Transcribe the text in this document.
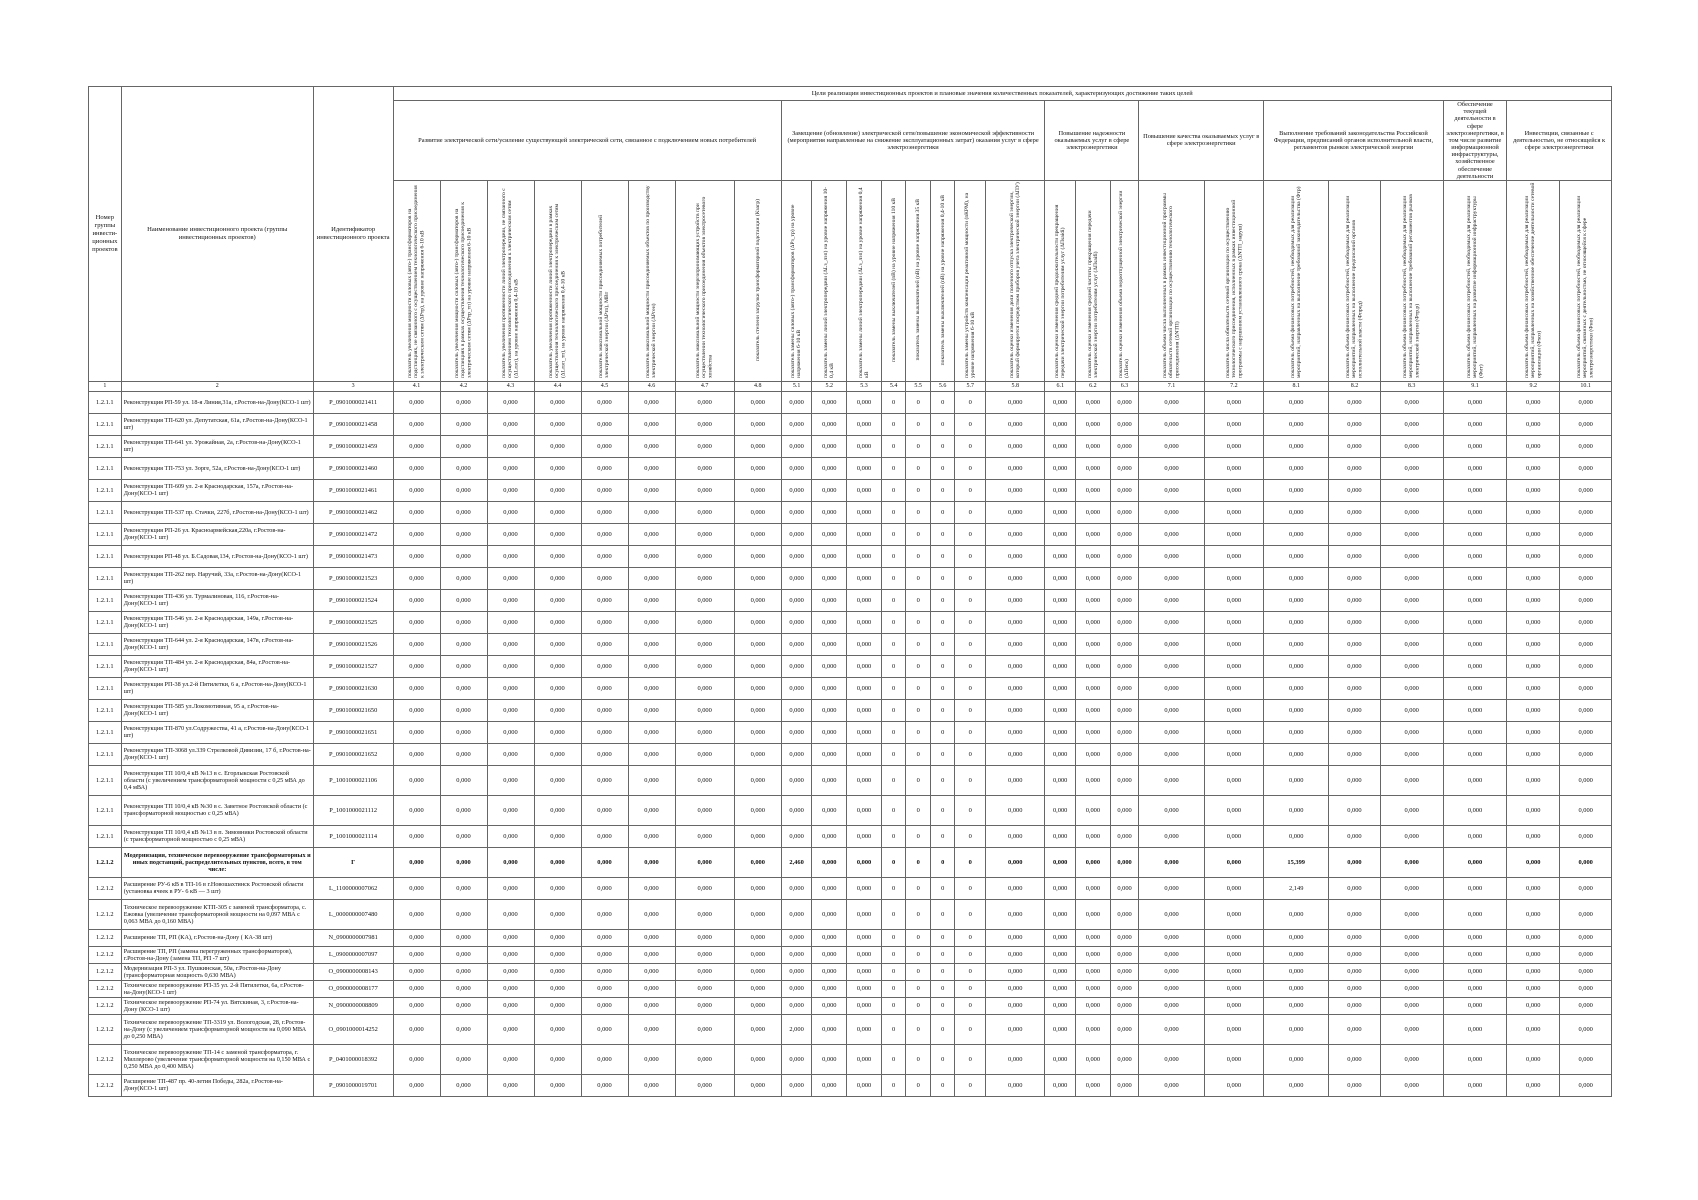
Номер группы инвести-ционных проектов	Наименование инвестиционного проекта (группы инвестиционных проектов)	Идентификатор инвестиционного проекта	Цели реализации инвестиционных проектов и плановые значения количественных показателей, характеризующих достижение таких целей																										
			Развитие электрической сети/усиление существующей электрической сети, связанное с подключением новых потребителей								Замещение (обновление) электрической сети/повышение экономической эффективности (мероприятия направленные на снижение эксплуатационных затрат) оказания услуг в сфере электроэнергетики								Повышение надежности оказываемых услуг в сфере электроэнергетики			Повышение качества оказываемых услуг в сфере электроэнергетики		Выполнение требований законодательства Российской Федерации, предписаний органов исполнительной власти, регламентов рынков электрической энергии			Обеспечение текущей деятельности в сфере электроэнергетики, в том числе развитие информационной инфраструктуры, хозяйственное обеспечение деятельности	Инвестиции, связанные с деятельностью, не относящейся к сфере электроэнергетики	
			показатель увеличения мощности силовых (авто-) трансформаторов на подстанциях, не связанного с осуществлением технологического присоединения к электрическим сетям (ΔPтр), на уровне напряжения 6-10 кВ	показатель увеличения мощности силовых (авто-) трансформаторов на подстанциях в рамках осуществления технологического присоединения к электрическим сетям (ΔPтр_тп) на уровне напряжения 6-10 кВ	показатель увеличения протяженности линий электропередачи, не связанного с осуществлением технологического присоединения к электрическим сетям (ΔLлэп), на уровне напряжения 0,4-10 кВ	показатель увеличения протяженности линий электропередачи в рамках осуществления технологического присоединения к электрическим сетям (ΔLлэп_тп), на уровне напряжения 0,4-10 кВ	показатель максимальной мощности присоединяемых потребителей электрической энергии (ΔPтп), МВт	показатель максимальной мощности присоединяемых объектов по производству электрической энергии (ΔPген)	показатель максимальной мощности энергопринимающих устройств при осуществлении технологического присоединения объектов электросетевого хозяйства	показатель степени загрузки трансформаторной подстанции (Кзагр)	показатель замены силовых (авто-) трансформаторов (ΔPз_тр) на уровне напряжения 6-10 кВ	показатель замены линий электропередачи (ΔLз_лэп) на уровне напряжения 10-0,4 кВ	показатель замены линий электропередачи (ΔLз_лэп) на уровне напряжения 0,4 кВ	показатель замены выключателей (nВ) на уровне напряжения 110 кВ	показатель замены выключателей (nВ) на уровне напряжения 35 кВ	показатель замены выключателей (nВ) на уровне напряжения 0,4-10 кВ	показатель замены устройств компенсации реактивной мощности (nКРМ), на уровне напряжения 6-10 кВ	показатель оценки изменения доли полезного отпуска электрической энергии, который формируется посредством приборов учета электрической энергии (ΔПУ)	показатель оценки изменения средней продолжительности прекращения передачи электрической энергии потребителям услуг (ΔПsaidi)	показатель оценки изменения средней частоты прекращения передачи электрической энергии потребителям услуг (ΔПsaifi)	показатель оценки изменения объема недоотпущенной электрической энергии (ΔПens)	показатель объема числа выполненных в рамках инвестиционной программы обязательств сетевой организации по осуществлению технологического присоединения (ΔNТП)	показатель числа обязательств сетевой организации по осуществлению технологического присоединения, исполненных в рамках инвестиционной программы с нарушением установленного срока (ΔNТП_наруш)	показатель объема финансовых потребностей, необходимых для реализации мероприятий, направленных на выполнение требований законодательства (Фтр)	показатель объема финансовых потребностей, необходимых для реализации мероприятий, направленных на выполнение предписаний органов исполнительной власти (Фпред)	показатель объема финансовых потребностей, необходимых для реализации мероприятий, направленных на выполнение требований регламентов рынков электрической энергии (Фтр.р)	показатель объема финансовых потребностей, необходимых для реализации мероприятий, направленных на развитие информационной инфраструктуры (Фит)	показатель объема финансовых потребностей, необходимых для реализации мероприятий, направленных на хозяйственное обеспечение деятельности сетевой организации (Фхоз)	показатель объема финансовых потребностей, необходимых для реализации мероприятий, связанных с деятельностью, не относящейся к сфере электроэнергетики (Фно)
1	2	3	4.1	4.2	4.3	4.4	4.5	4.6	4.7	4.8	5.1	5.2	5.3	5.4	5.5	5.6	5.7	5.8	6.1	6.2	6.3	7.1	7.2	8.1	8.2	8.3	9.1	9.2	10.1
1.2.1.1	Реконструкция РП-59 ул. 18-я Линия,31а, г.Ростов-на-Дону(КСО-1 шт)	P_0901000021411	0,000	0,000	0,000	0,000	0,000	0,000	0,000	0,000	0,000	0,000	0,000	0	0	0	0	0,000	0,000	0,000	0,000	0,000	0,000	0,000	0,000	0,000	0,000	0,000	0,000
1.2.1.1	Реконструкция ТП-620 ул. Депутатская, 61а, г.Ростов-на-Дону(КСО-1 шт)	P_0901000021458	0,000	0,000	0,000	0,000	0,000	0,000	0,000	0,000	0,000	0,000	0,000	0	0	0	0	0,000	0,000	0,000	0,000	0,000	0,000	0,000	0,000	0,000	0,000	0,000	0,000
1.2.1.1	Реконструкция ТП-641 ул. Урожайная, 2а, г.Ростов-на-Дону(КСО-1 шт)	P_0901000021459	0,000	0,000	0,000	0,000	0,000	0,000	0,000	0,000	0,000	0,000	0,000	0	0	0	0	0,000	0,000	0,000	0,000	0,000	0,000	0,000	0,000	0,000	0,000	0,000	0,000
1.2.1.1	Реконструкция ТП-753 ул. Зорге, 52а, г.Ростов-на-Дону(КСО-1 шт)	P_0901000021460	0,000	0,000	0,000	0,000	0,000	0,000	0,000	0,000	0,000	0,000	0,000	0	0	0	0	0,000	0,000	0,000	0,000	0,000	0,000	0,000	0,000	0,000	0,000	0,000	0,000
1.2.1.1	Реконструкция ТП-609 ул. 2-я Краснодарская, 157а, г.Ростов-на-Дону(КСО-1 шт)	P_0901000021461	0,000	0,000	0,000	0,000	0,000	0,000	0,000	0,000	0,000	0,000	0,000	0	0	0	0	0,000	0,000	0,000	0,000	0,000	0,000	0,000	0,000	0,000	0,000	0,000	0,000
1.2.1.1	Реконструкция ТП-537 пр. Стачки, 227б, г.Ростов-на-Дону(КСО-1 шт)	P_0901000021462	0,000	0,000	0,000	0,000	0,000	0,000	0,000	0,000	0,000	0,000	0,000	0	0	0	0	0,000	0,000	0,000	0,000	0,000	0,000	0,000	0,000	0,000	0,000	0,000	0,000
1.2.1.1	Реконструкция РП-26 ул. Красноармейская,220а, г.Ростов-на-Дону(КСО-1 шт)	P_0901000021472	0,000	0,000	0,000	0,000	0,000	0,000	0,000	0,000	0,000	0,000	0,000	0	0	0	0	0,000	0,000	0,000	0,000	0,000	0,000	0,000	0,000	0,000	0,000	0,000	0,000
1.2.1.1	Реконструкция РП-48 ул. Б.Садовая,134, г.Ростов-на-Дону(КСО-1 шт)	P_0901000021473	0,000	0,000	0,000	0,000	0,000	0,000	0,000	0,000	0,000	0,000	0,000	0	0	0	0	0,000	0,000	0,000	0,000	0,000	0,000	0,000	0,000	0,000	0,000	0,000	0,000
1.2.1.1	Реконструкция ТП-262 пер. Наручий, 33а, г.Ростов-на-Дону(КСО-1 шт)	P_0901000021523	0,000	0,000	0,000	0,000	0,000	0,000	0,000	0,000	0,000	0,000	0,000	0	0	0	0	0,000	0,000	0,000	0,000	0,000	0,000	0,000	0,000	0,000	0,000	0,000	0,000
1.2.1.1	Реконструкция ТП-436 ул. Турмалиновая, 116, г.Ростов-на-Дону(КСО-1 шт)	P_0901000021524	0,000	0,000	0,000	0,000	0,000	0,000	0,000	0,000	0,000	0,000	0,000	0	0	0	0	0,000	0,000	0,000	0,000	0,000	0,000	0,000	0,000	0,000	0,000	0,000	0,000
1.2.1.1	Реконструкция ТП-546 ул. 2-я Краснодарская, 149а, г.Ростов-на-Дону(КСО-1 шт)	P_0901000021525	0,000	0,000	0,000	0,000	0,000	0,000	0,000	0,000	0,000	0,000	0,000	0	0	0	0	0,000	0,000	0,000	0,000	0,000	0,000	0,000	0,000	0,000	0,000	0,000	0,000
1.2.1.1	Реконструкция ТП-644 ул. 2-я Краснодарская, 147в, г.Ростов-на-Дону(КСО-1 шт)	P_0901000021526	0,000	0,000	0,000	0,000	0,000	0,000	0,000	0,000	0,000	0,000	0,000	0	0	0	0	0,000	0,000	0,000	0,000	0,000	0,000	0,000	0,000	0,000	0,000	0,000	0,000
1.2.1.1	Реконструкция ТП-484 ул. 2-я Краснодарская, 84а, г.Ростов-на-Дону(КСО-1 шт)	P_0901000021527	0,000	0,000	0,000	0,000	0,000	0,000	0,000	0,000	0,000	0,000	0,000	0	0	0	0	0,000	0,000	0,000	0,000	0,000	0,000	0,000	0,000	0,000	0,000	0,000	0,000
1.2.1.1	Реконструкция РП-38 ул.2-й Пятилетки, 6 а, г.Ростов-на-Дону(КСО-1 шт)	P_0901000021630	0,000	0,000	0,000	0,000	0,000	0,000	0,000	0,000	0,000	0,000	0,000	0	0	0	0	0,000	0,000	0,000	0,000	0,000	0,000	0,000	0,000	0,000	0,000	0,000	0,000
1.2.1.1	Реконструкция ТП-585 ул.Локомотивная, 95 а, г.Ростов-на-Дону(КСО-1 шт)	P_0901000021650	0,000	0,000	0,000	0,000	0,000	0,000	0,000	0,000	0,000	0,000	0,000	0	0	0	0	0,000	0,000	0,000	0,000	0,000	0,000	0,000	0,000	0,000	0,000	0,000	0,000
1.2.1.1	Реконструкция ТП-870 ул.Содружества, 41 а, г.Ростов-на-Дону(КСО-1 шт)	P_0901000021651	0,000	0,000	0,000	0,000	0,000	0,000	0,000	0,000	0,000	0,000	0,000	0	0	0	0	0,000	0,000	0,000	0,000	0,000	0,000	0,000	0,000	0,000	0,000	0,000	0,000
1.2.1.1	Реконструкция ТП-3068 ул.339 Стрелковой Дивизии, 17 б, г.Ростов-на-Дону(КСО-1 шт)	P_0901000021652	0,000	0,000	0,000	0,000	0,000	0,000	0,000	0,000	0,000	0,000	0,000	0	0	0	0	0,000	0,000	0,000	0,000	0,000	0,000	0,000	0,000	0,000	0,000	0,000	0,000
1.2.1.1	Реконструкция ТП 10/0,4 кВ №13 в с. Егорлыкская Ростовской области (с увеличением трансформаторной мощности с 0,25 мВА до 0,4 мВА)	P_1001000021106	0,000	0,000	0,000	0,000	0,000	0,000	0,000	0,000	0,000	0,000	0,000	0	0	0	0	0,000	0,000	0,000	0,000	0,000	0,000	0,000	0,000	0,000	0,000	0,000	0,000
1.2.1.1	Реконструкция ТП 10/0,4 кВ №30 в с. Заветное Ростовской области (с трансформаторной мощностью с 0,25 мВА)	P_1001000021112	0,000	0,000	0,000	0,000	0,000	0,000	0,000	0,000	0,000	0,000	0,000	0	0	0	0	0,000	0,000	0,000	0,000	0,000	0,000	0,000	0,000	0,000	0,000	0,000	0,000
1.2.1.1	Реконструкция ТП 10/0,4 кВ №13 в п. Зимовники Ростовской области (с трансформаторной мощностью с 0,25 мВА)	P_1001000021114	0,000	0,000	0,000	0,000	0,000	0,000	0,000	0,000	0,000	0,000	0,000	0	0	0	0	0,000	0,000	0,000	0,000	0,000	0,000	0,000	0,000	0,000	0,000	0,000	0,000
1.2.1.2	Модернизация, техническое перевооружение трансформаторных и иных подстанций, распределительных пунктов, всего, в том числе:	Г	0,000	0,000	0,000	0,000	0,000	0,000	0,000	0,000	2,460	0,000	0,000	0	0	0	0	0,000	0,000	0,000	0,000	0,000	0,000	15,399	0,000	0,000	0,000	0,000	0,000
1.2.1.2	Расширение РУ-6 кВ в ТП-16 в г.Новошахтинск Ростовской области (установка ячеек в РУ- 6 кВ — 3 шт)	L_1100000007062	0,000	0,000	0,000	0,000	0,000	0,000	0,000	0,000	0,000	0,000	0,000	0	0	0	0	0,000	0,000	0,000	0,000	0,000	0,000	2,149	0,000	0,000	0,000	0,000	0,000
1.2.1.2	Техническое перевооружение КТП-305 с заменой трансформатора, с. Ежовка (увеличение трансформаторной мощности на 0,097 МВА с 0,063 МВА до 0,160 МВА)	L_0000000007480	0,000	0,000	0,000	0,000	0,000	0,000	0,000	0,000	0,000	0,000	0,000	0	0	0	0	0,000	0,000	0,000	0,000	0,000	0,000	0,000	0,000	0,000	0,000	0,000	0,000
1.2.1.2	Расширение ТП, РП (КА), г.Ростов-на-Дону ( КА-38 шт)	N_0900000007981	0,000	0,000	0,000	0,000	0,000	0,000	0,000	0,000	0,000	0,000	0,000	0	0	0	0	0,000	0,000	0,000	0,000	0,000	0,000	0,000	0,000	0,000	0,000	0,000	0,000
1.2.1.2	Расширение ТП, РП (замена перегруженных трансформаторов), г.Ростов-на-Дону (замена ТП, РП -7 шт)	L_0900000007097	0,000	0,000	0,000	0,000	0,000	0,000	0,000	0,000	0,000	0,000	0,000	0	0	0	0	0,000	0,000	0,000	0,000	0,000	0,000	0,000	0,000	0,000	0,000	0,000	0,000
1.2.1.2	Модернизация РП-3 ул. Пушкинская, 50а, г.Ростов-на-Дону (трансформаторная мощность 0,630 МВА)	O_0900000008143	0,000	0,000	0,000	0,000	0,000	0,000	0,000	0,000	0,000	0,000	0,000	0	0	0	0	0,000	0,000	0,000	0,000	0,000	0,000	0,000	0,000	0,000	0,000	0,000	0,000
1.2.1.2	Техническое перевооружение РП-35 ул. 2-й Пятилетки, 6а, г.Ростов-на-Дону(КСО-1 шт)	O_0900000008177	0,000	0,000	0,000	0,000	0,000	0,000	0,000	0,000	0,000	0,000	0,000	0	0	0	0	0,000	0,000	0,000	0,000	0,000	0,000	0,000	0,000	0,000	0,000	0,000	0,000
1.2.1.2	Техническое перевооружение РП-74 ул. Вятскиная, 3, г.Ростов-на-Дону (КСО-1 шт)	N_0900000008809	0,000	0,000	0,000	0,000	0,000	0,000	0,000	0,000	0,000	0,000	0,000	0	0	0	0	0,000	0,000	0,000	0,000	0,000	0,000	0,000	0,000	0,000	0,000	0,000	0,000
1.2.1.2	Техническое перевооружение ТП-3319 ул. Вологодская, 28, г.Ростов-на-Дону (с увеличением трансформаторной мощности на 0,090 МВА до 0,250 МВА)	O_0901000014252	0,000	0,000	0,000	0,000	0,000	0,000	0,000	0,000	2,000	0,000	0,000	0	0	0	0	0,000	0,000	0,000	0,000	0,000	0,000	0,000	0,000	0,000	0,000	0,000	0,000
1.2.1.2	Техническое перевооружение ТП-14 с заменой трансформатора, г. Миллерово (увеличение трансформаторной мощности на 0,150 МВА с 0,250 МВА до 0,400 МВА)	P_0401000018392	0,000	0,000	0,000	0,000	0,000	0,000	0,000	0,000	0,000	0,000	0,000	0	0	0	0	0,000	0,000	0,000	0,000	0,000	0,000	0,000	0,000	0,000	0,000	0,000	0,000
1.2.1.2	Расширение ТП-487 пр. 40-летия Победы, 282а, г.Ростов-на-Дону(КСО-1 шт)	P_0901000019701	0,000	0,000	0,000	0,000	0,000	0,000	0,000	0,000	0,000	0,000	0,000	0	0	0	0	0,000	0,000	0,000	0,000	0,000	0,000	0,000	0,000	0,000	0,000	0,000	0,000
